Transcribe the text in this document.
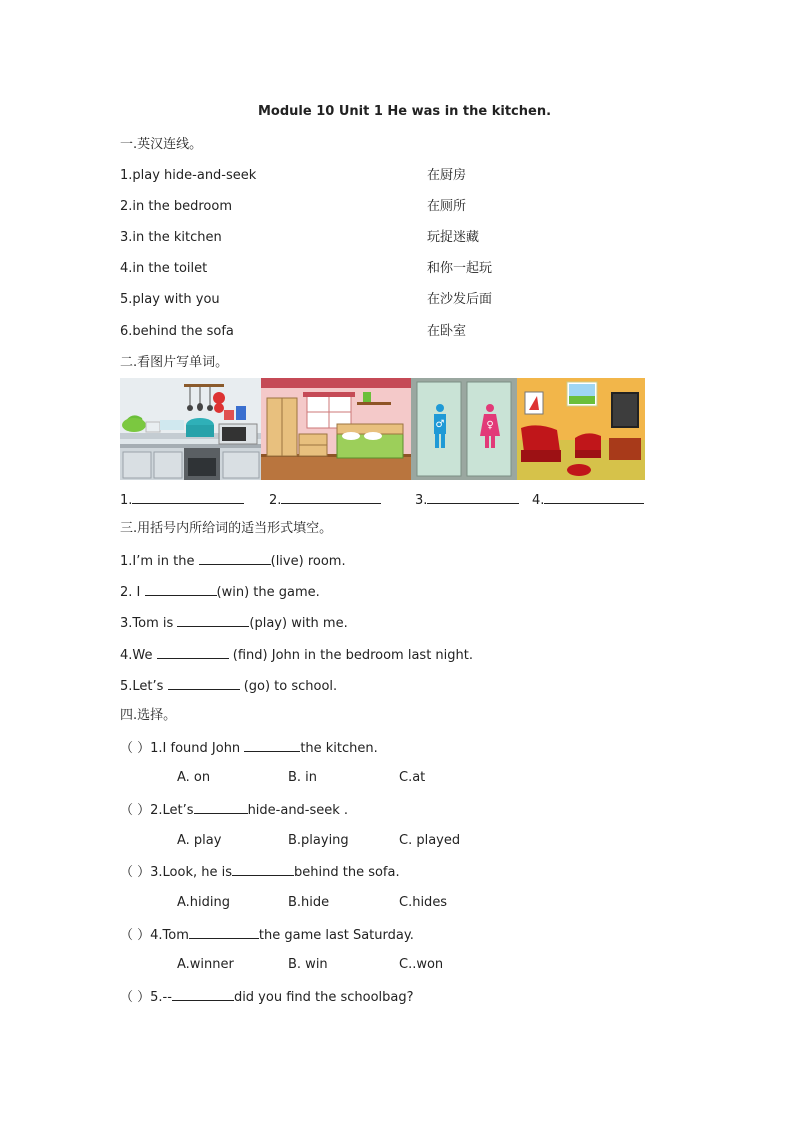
Module 10 Unit 1 He was in the kitchen.
一.英汉连线。
1.play hide-and-seek
2.in the bedroom
3.in the kitchen
4.in the toilet
5.play with you
6.behind the sofa
在厨房
在厕所
玩捉迷藏
和你一起玩
在沙发后面
在卧室
二.看图片写单词。
♂	♀
1.	2.	3.	4.
三.用括号内所给词的适当形式填空。
1.I’m in the	(live) room.
2. I	(win) the game.
3.Tom is	(play) with me.
4.We	(find) John in the bedroom last night.
5.Let’s	(go) to school.
四.选择。
（ ）1.I found John	the kitchen.
A. on	B. in	C.at
（ ）2.Let’s	hide-and-seek .
A. play	B.playing	C. played
（ ）3.Look, he is	behind the sofa.
A.hiding	B.hide	C.hides
（ ）4.Tom	the game last Saturday.
A.winner	B. win	C..won
（ ）5.--	did you find the schoolbag?
